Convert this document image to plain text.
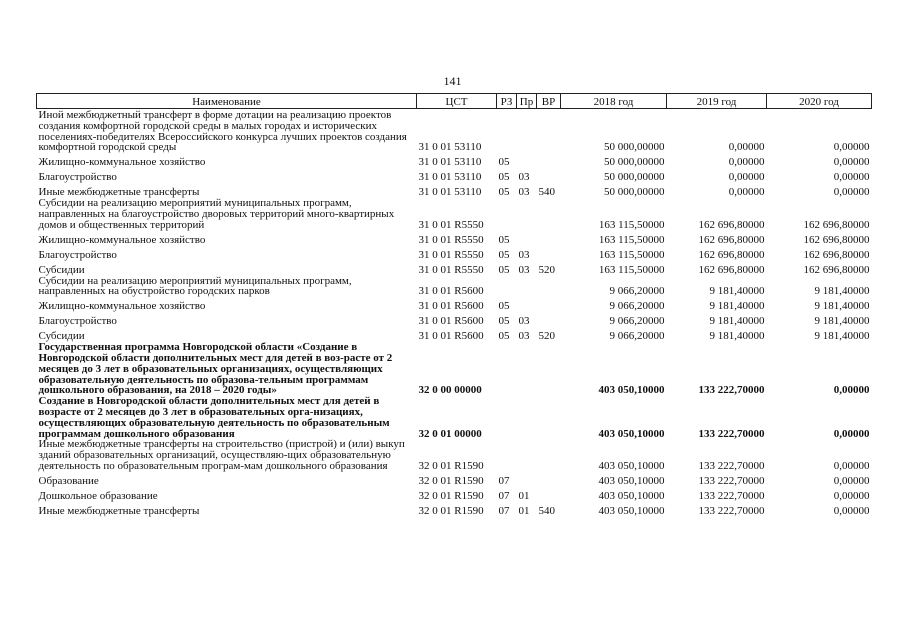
141
Наименование	ЦСТ	РЗ	Пр	ВР	2018 год	2019 год	2020 год
Иной межбюджетный трансферт в форме дотации на реализацию проектов создания комфортной городской среды в малых городах и исторических поселениях-победителях Всероссийского конкурса лучших проектов создания комфортной городской среды	31 0 01 53110				50 000,00000	0,00000	0,00000
Жилищно-коммунальное хозяйство	31 0 01 53110	05			50 000,00000	0,00000	0,00000
Благоустройство	31 0 01 53110	05	03		50 000,00000	0,00000	0,00000
Иные межбюджетные трансферты	31 0 01 53110	05	03	540	50 000,00000	0,00000	0,00000
Субсидии на реализацию мероприятий муниципальных программ, направленных на благоустройство дворовых территорий много-квартирных домов и общественных территорий	31 0 01 R5550				163 115,50000	162 696,80000	162 696,80000
Жилищно-коммунальное хозяйство	31 0 01 R5550	05			163 115,50000	162 696,80000	162 696,80000
Благоустройство	31 0 01 R5550	05	03		163 115,50000	162 696,80000	162 696,80000
Субсидии	31 0 01 R5550	05	03	520	163 115,50000	162 696,80000	162 696,80000
Субсидии на реализацию мероприятий муниципальных программ, направленных на обустройство городских парков	31 0 01 R5600				9 066,20000	9 181,40000	9 181,40000
Жилищно-коммунальное хозяйство	31 0 01 R5600	05			9 066,20000	9 181,40000	9 181,40000
Благоустройство	31 0 01 R5600	05	03		9 066,20000	9 181,40000	9 181,40000
Субсидии	31 0 01 R5600	05	03	520	9 066,20000	9 181,40000	9 181,40000
Государственная программа Новгородской области «Создание в Новгородской области дополнительных мест для детей в воз-расте от 2 месяцев до 3 лет в образовательных организациях, осуществляющих образовательную деятельность по образова-тельным программам дошкольного образования, на 2018 – 2020 годы»	32 0 00 00000				403 050,10000	133 222,70000	0,00000
Создание в Новгородской области дополнительных мест для детей в возрасте от 2 месяцев до 3 лет в образовательных орга-низациях, осуществляющих образовательную деятельность по образовательным программам дошкольного образования	32 0 01 00000				403 050,10000	133 222,70000	0,00000
Иные межбюджетные трансферты на строительство (пристрой) и (или) выкуп зданий образовательных организаций, осуществляю-щих образовательную деятельность по образовательным програм-мам дошкольного образования	32 0 01 R1590				403 050,10000	133 222,70000	0,00000
Образование	32 0 01 R1590	07			403 050,10000	133 222,70000	0,00000
Дошкольное образование	32 0 01 R1590	07	01		403 050,10000	133 222,70000	0,00000
Иные межбюджетные трансферты	32 0 01 R1590	07	01	540	403 050,10000	133 222,70000	0,00000
